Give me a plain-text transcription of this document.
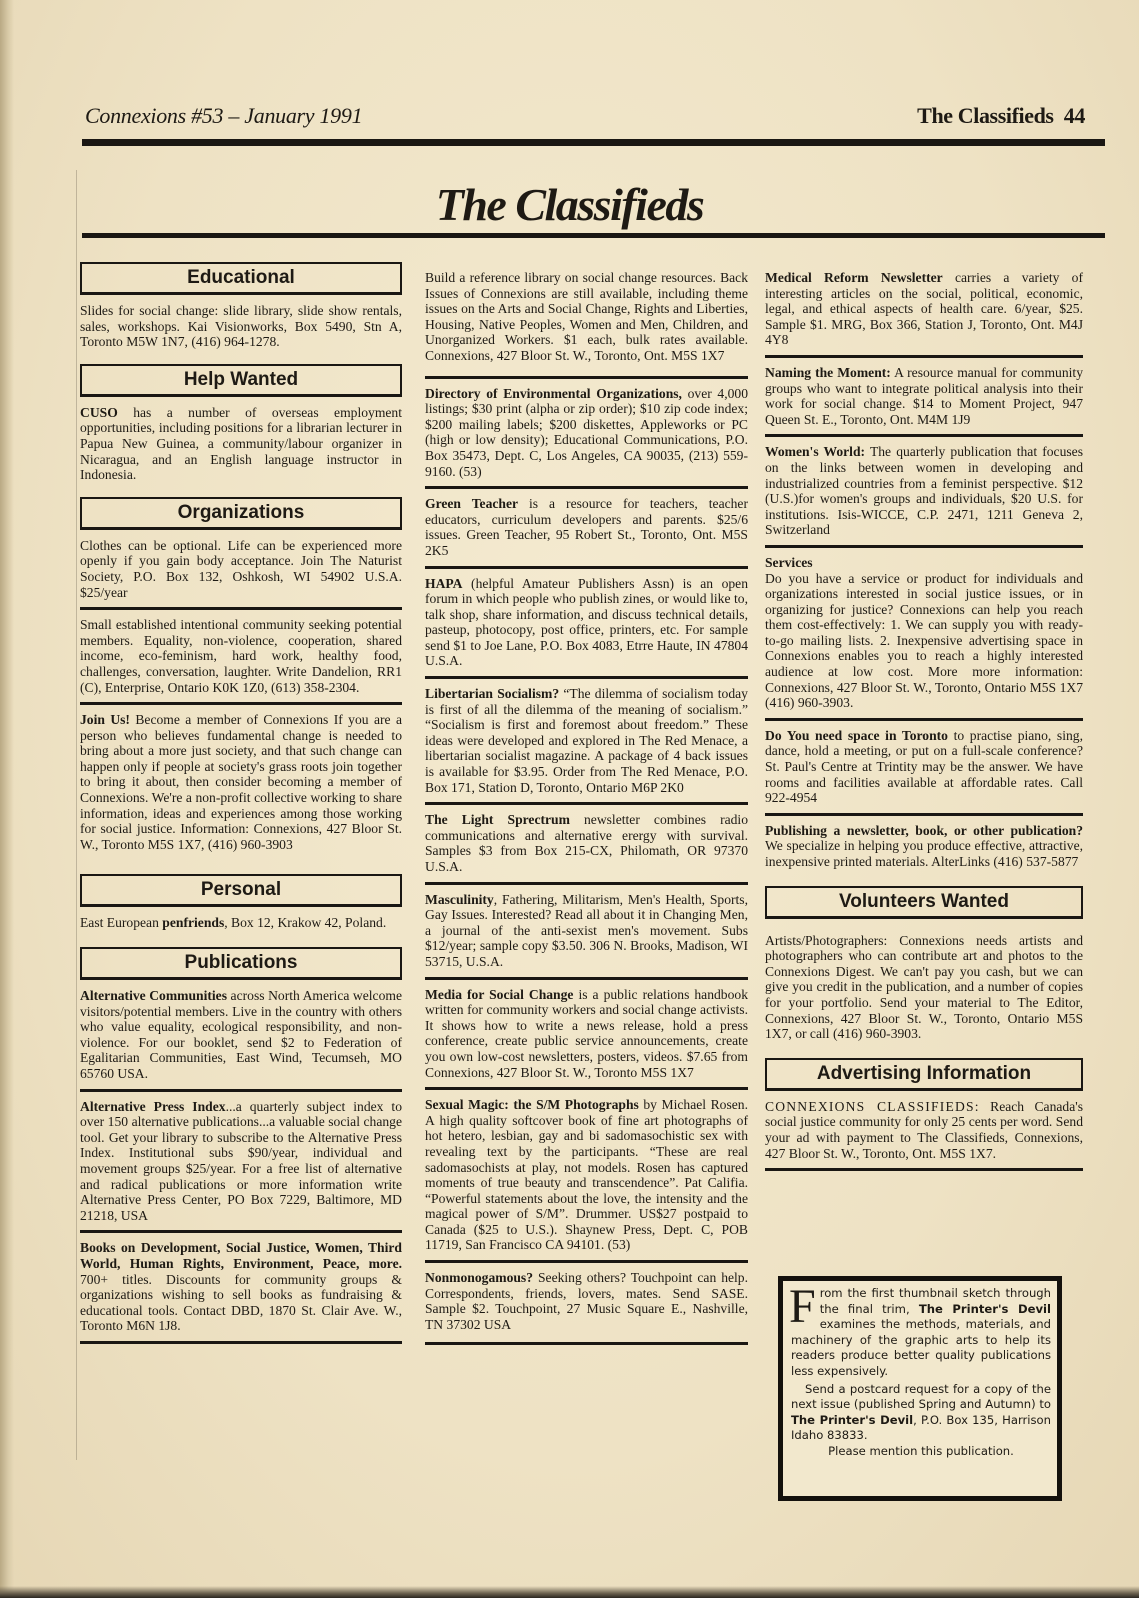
Connexions #53 – January 1991	The Classifieds 44
The Classifieds
Educational

Slides for social change: slide library, slide show rentals, sales, workshops. Kai Visionworks, Box 5490, Stn A, Toronto M5W 1N7, (416) 964-1278.

Help Wanted

CUSO has a number of overseas employment opportunities, including positions for a librarian lecturer in Papua New Guinea, a community/labour organizer in Nicaragua, and an English language instructor in Indonesia.

Organizations

Clothes can be optional. Life can be experienced more openly if you gain body acceptance. Join The Naturist Society, P.O. Box 132, Oshkosh, WI 54902 U.S.A. $25/year

Small established intentional community seeking potential members. Equality, non-violence, cooperation, shared income, eco-feminism, hard work, healthy food, challenges, conversation, laughter. Write Dandelion, RR1 (C), Enterprise, Ontario K0K 1Z0, (613) 358-2304.

Join Us! Become a member of Connexions If you are a person who believes fundamental change is needed to bring about a more just society, and that such change can happen only if people at society's grass roots join together to bring it about, then consider becoming a member of Connexions. We're a non-profit collective working to share information, ideas and experiences among those working for social justice. Information: Connexions, 427 Bloor St. W., Toronto M5S 1X7, (416) 960-3903

Personal

East European penfriends, Box 12, Krakow 42, Poland.

Publications

Alternative Communities across North America welcome visitors/potential members. Live in the country with others who value equality, ecological responsibility, and non-violence. For our booklet, send $2 to Federation of Egalitarian Communities, East Wind, Tecumseh, MO 65760 USA.

Alternative Press Index...a quarterly subject index to over 150 alternative publications...a valuable social change tool. Get your library to subscribe to the Alternative Press Index. Institutional subs $90/year, individual and movement groups $25/year. For a free list of alternative and radical publications or more information write Alternative Press Center, PO Box 7229, Baltimore, MD 21218, USA

Books on Development, Social Justice, Women, Third World, Human Rights, Environment, Peace, more. 700+ titles. Discounts for community groups & organizations wishing to sell books as fundraising & educational tools. Contact DBD, 1870 St. Clair Ave. W., Toronto M6N 1J8.

Build a reference library on social change resources. Back Issues of Connexions are still available, including theme issues on the Arts and Social Change, Rights and Liberties, Housing, Native Peoples, Women and Men, Children, and Unorganized Workers. $1 each, bulk rates available. Connexions, 427 Bloor St. W., Toronto, Ont. M5S 1X7

Directory of Environmental Organizations, over 4,000 listings; $30 print (alpha or zip order); $10 zip code index; $200 mailing labels; $200 diskettes, Appleworks or PC (high or low density); Educational Communications, P.O. Box 35473, Dept. C, Los Angeles, CA 90035, (213) 559-9160. (53)

Green Teacher is a resource for teachers, teacher educators, curriculum developers and parents. $25/6 issues. Green Teacher, 95 Robert St., Toronto, Ont. M5S 2K5

HAPA (helpful Amateur Publishers Assn) is an open forum in which people who publish zines, or would like to, talk shop, share information, and discuss technical details, pasteup, photocopy, post office, printers, etc. For sample send $1 to Joe Lane, P.O. Box 4083, Etrre Haute, IN 47804 U.S.A.

Libertarian Socialism? “The dilemma of socialism today is first of all the dilemma of the meaning of socialism.” “Socialism is first and foremost about freedom.” These ideas were developed and explored in The Red Menace, a libertarian socialist magazine. A package of 4 back issues is available for $3.95. Order from The Red Menace, P.O. Box 171, Station D, Toronto, Ontario M6P 2K0

The Light Sprectrum newsletter combines radio communications and alternative erergy with survival. Samples $3 from Box 215-CX, Philomath, OR 97370 U.S.A.

Masculinity, Fathering, Militarism, Men's Health, Sports, Gay Issues. Interested? Read all about it in Changing Men, a journal of the anti-sexist men's movement. Subs $12/year; sample copy $3.50. 306 N. Brooks, Madison, WI 53715, U.S.A.

Media for Social Change is a public relations handbook written for community workers and social change activists. It shows how to write a news release, hold a press conference, create public service announcements, create you own low-cost newsletters, posters, videos. $7.65 from Connexions, 427 Bloor St. W., Toronto M5S 1X7

Sexual Magic: the S/M Photographs by Michael Rosen. A high quality softcover book of fine art photographs of hot hetero, lesbian, gay and bi sadomasochistic sex with revealing text by the participants. “These are real sadomasochists at play, not models. Rosen has captured moments of true beauty and transcendence”. Pat Califia. “Powerful statements about the love, the intensity and the magical power of S/M”. Drummer. US$27 postpaid to Canada ($25 to U.S.). Shaynew Press, Dept. C, POB 11719, San Francisco CA 94101. (53)

Nonmonogamous? Seeking others? Touchpoint can help. Correspondents, friends, lovers, mates. Send SASE. Sample $2. Touchpoint, 27 Music Square E., Nashville, TN 37302 USA

Medical Reform Newsletter carries a variety of interesting articles on the social, political, economic, legal, and ethical aspects of health care. 6/year, $25. Sample $1. MRG, Box 366, Station J, Toronto, Ont. M4J 4Y8

Naming the Moment: A resource manual for community groups who want to integrate political analysis into their work for social change. $14 to Moment Project, 947 Queen St. E., Toronto, Ont. M4M 1J9

Women's World: The quarterly publication that focuses on the links between women in developing and industrialized countries from a feminist perspective. $12 (U.S.)for women's groups and individuals, $20 U.S. for institutions. Isis-WICCE, C.P. 2471, 1211 Geneva 2, Switzerland

Services
Do you have a service or product for individuals and organizations interested in social justice issues, or in organizing for justice? Connexions can help you reach them cost-effectively: 1. We can supply you with ready-to-go mailing lists. 2. Inexpensive advertising space in Connexions enables you to reach a highly interested audience at low cost. More more information: Connexions, 427 Bloor St. W., Toronto, Ontario M5S 1X7 (416) 960-3903.

Do You need space in Toronto to practise piano, sing, dance, hold a meeting, or put on a full-scale conference? St. Paul's Centre at Trintity may be the answer. We have rooms and facilities available at affordable rates. Call 922-4954

Publishing a newsletter, book, or other publication? We specialize in helping you produce effective, attractive, inexpensive printed materials. AlterLinks (416) 537-5877

Volunteers Wanted

Artists/Photographers: Connexions needs artists and photographers who can contribute art and photos to the Connexions Digest. We can't pay you cash, but we can give you credit in the publication, and a number of copies for your portfolio. Send your material to The Editor, Connexions, 427 Bloor St. W., Toronto, Ontario M5S 1X7, or call (416) 960-3903.

Advertising Information

CONNEXIONS CLASSIFIEDS: Reach Canada's social justice community for only 25 cents per word. Send your ad with payment to The Classifieds, Connexions, 427 Bloor St. W., Toronto, Ont. M5S 1X7.

From the first thumbnail sketch through the final trim, The Printer's Devil examines the methods, materials, and machinery of the graphic arts to help its readers produce better quality publications less expensively.

Send a postcard request for a copy of the next issue (published Spring and Autumn) to The Printer's Devil, P.O. Box 135, Harrison Idaho 83833.

Please mention this publication.
